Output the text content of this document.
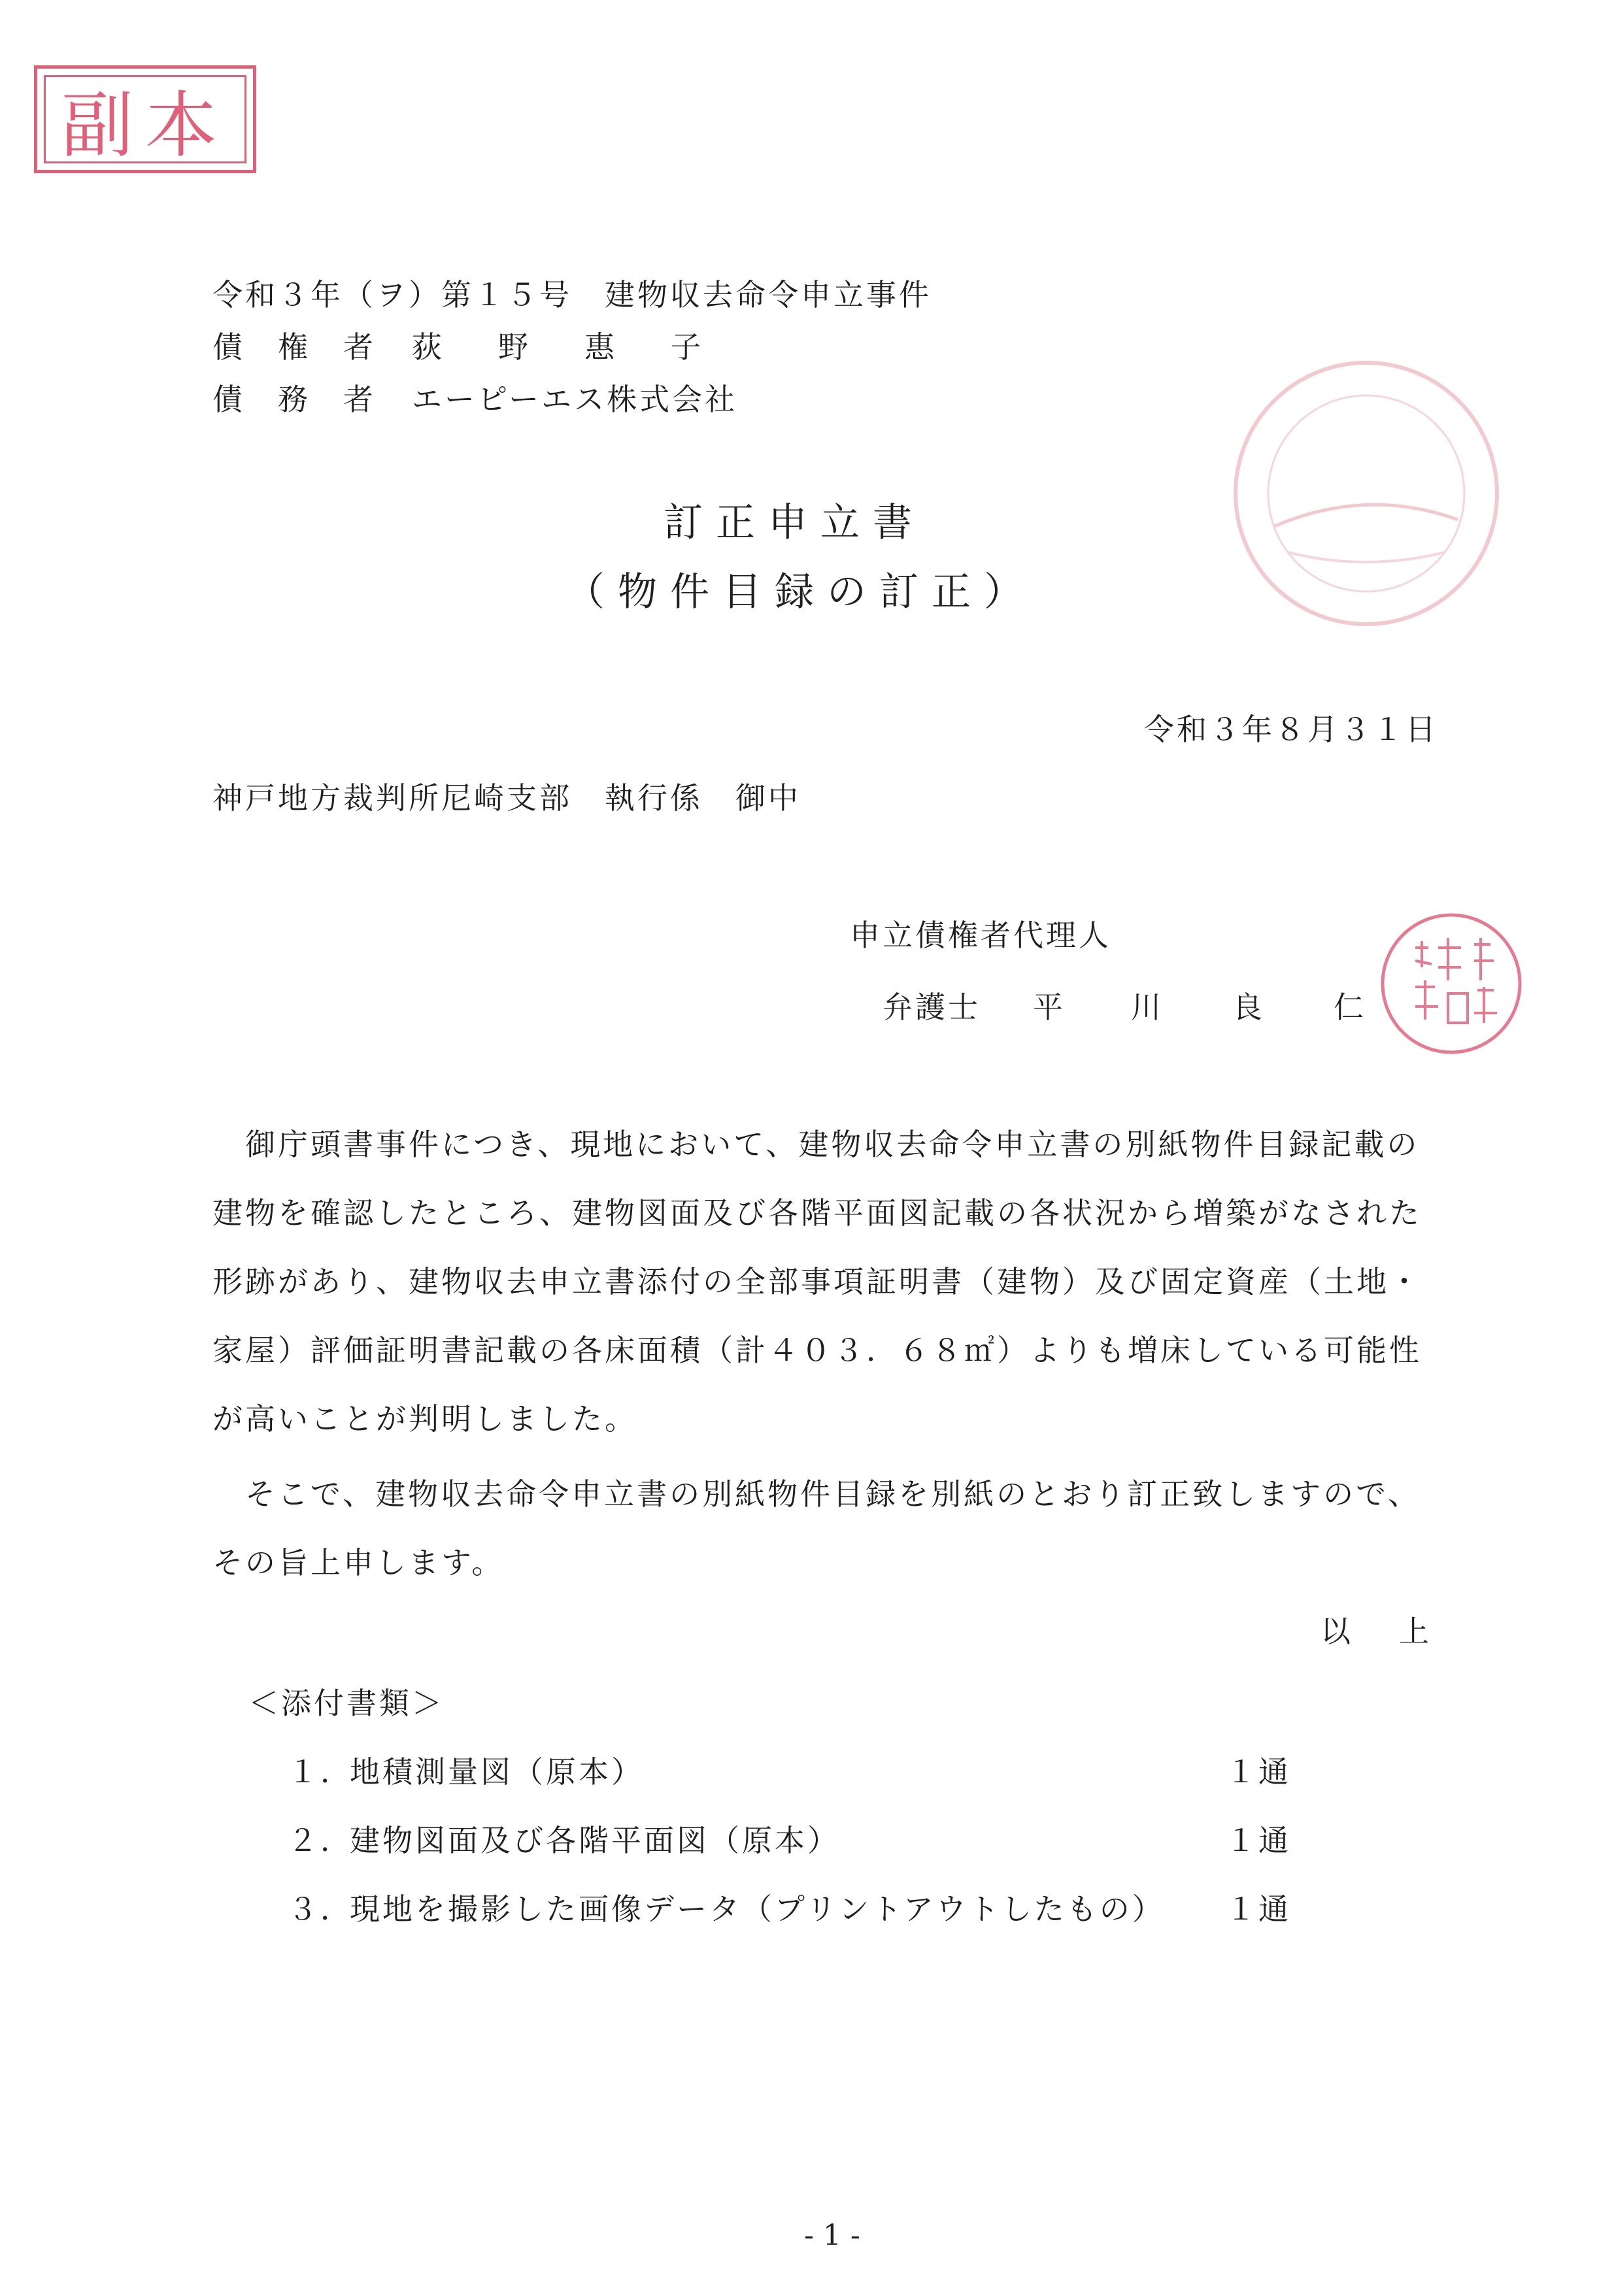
副本
令和３年（ヲ）第１５号　建物収去命令申立事件
債　権　者 荻　野　惠　子
債　務　者 エーピーエス株式会社
訂正申立書
（物件目録の訂正）
令和３年８月３１日
神戸地方裁判所尼崎支部　執行係　御中
申立債権者代理人
弁護士 平 川 良 仁
御庁頭書事件につき、現地において、建物収去命令申立書の別紙物件目録記載の
建物を確認したところ、建物図面及び各階平面図記載の各状況から増築がなされた
形跡があり、建物収去申立書添付の全部事項証明書（建物）及び固定資産（土地・
家屋）評価証明書記載の各床面積（計４０３．６８㎡）よりも増床している可能性
が高いことが判明しました。
そこで、建物収去命令申立書の別紙物件目録を別紙のとおり訂正致しますので、
その旨上申します。
以　上
＜添付書類＞
１．
地積測量図（原本）	１通
２．
建物図面及び各階平面図（原本）	１通
３．
現地を撮影した画像データ（プリントアウトしたもの） １通
- 1 -
